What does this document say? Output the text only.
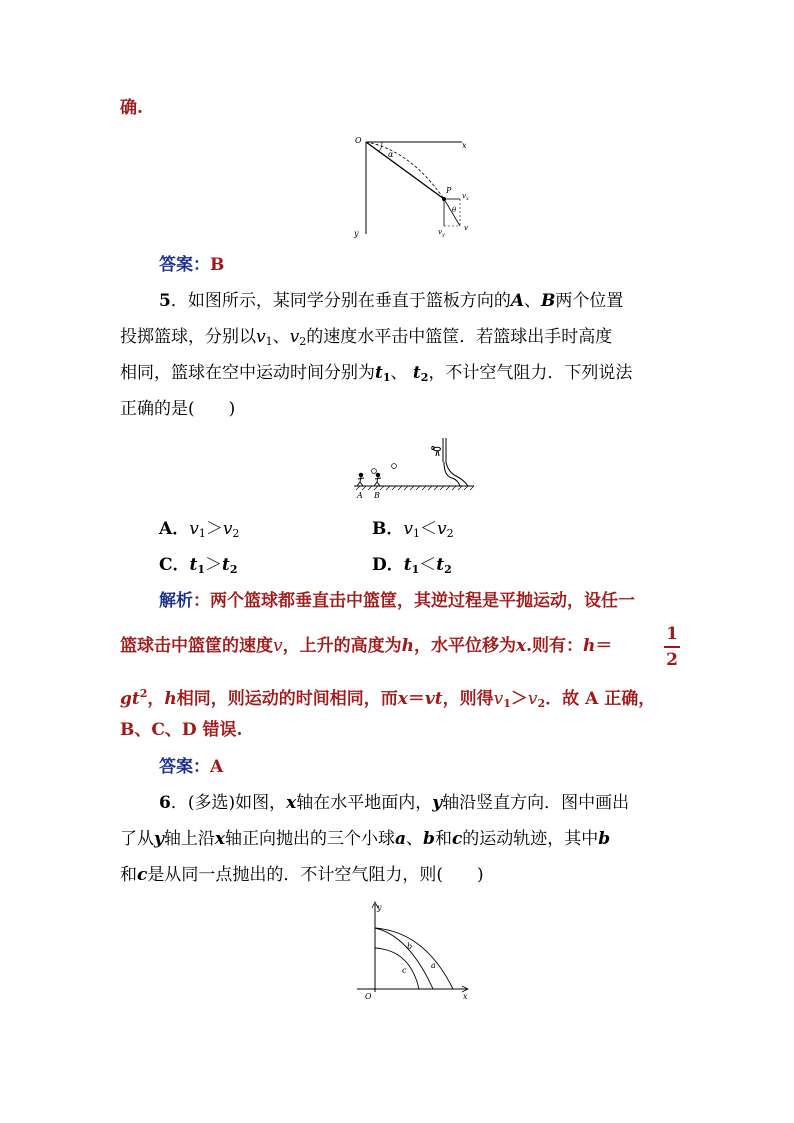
确.
O
x
y
α
P
$v_x$
θ
$v_y$
v
答案：B
5．如图所示，某同学分别在垂直于篮板方向的A、B两个位置
投掷篮球，分别以$v_1$、$v_2$的速度水平击中篮筐．若篮球出手时高度
相同，篮球在空中运动时间分别为$t_1$、 $t_2$，不计空气阻力．下列说法
正确的是(　　)
A B
A．$v_1>v_2$	B．$v_1<v_2$
C．$t_1>t_2$	D．$t_1<t_2$
解析：两个篮球都垂直击中篮筐，其逆过程是平抛运动，设任一
篮球击中篮筐的速度v，上升的高度为h，水平位移为x.则有：h＝
1
2
$gt^2$，h相同，则运动的时间相同，而x＝vt，则得$v_1>v_2$．故 A 正确，
B、C、D 错误.
答案：A
6．(多选)如图，x轴在水平地面内，y轴沿竖直方向．图中画出
了从y轴上沿x轴正向抛出的三个小球a、b和c的运动轨迹，其中b
和c是从同一点抛出的．不计空气阻力，则(　　)
y
x
O
a
b
c
